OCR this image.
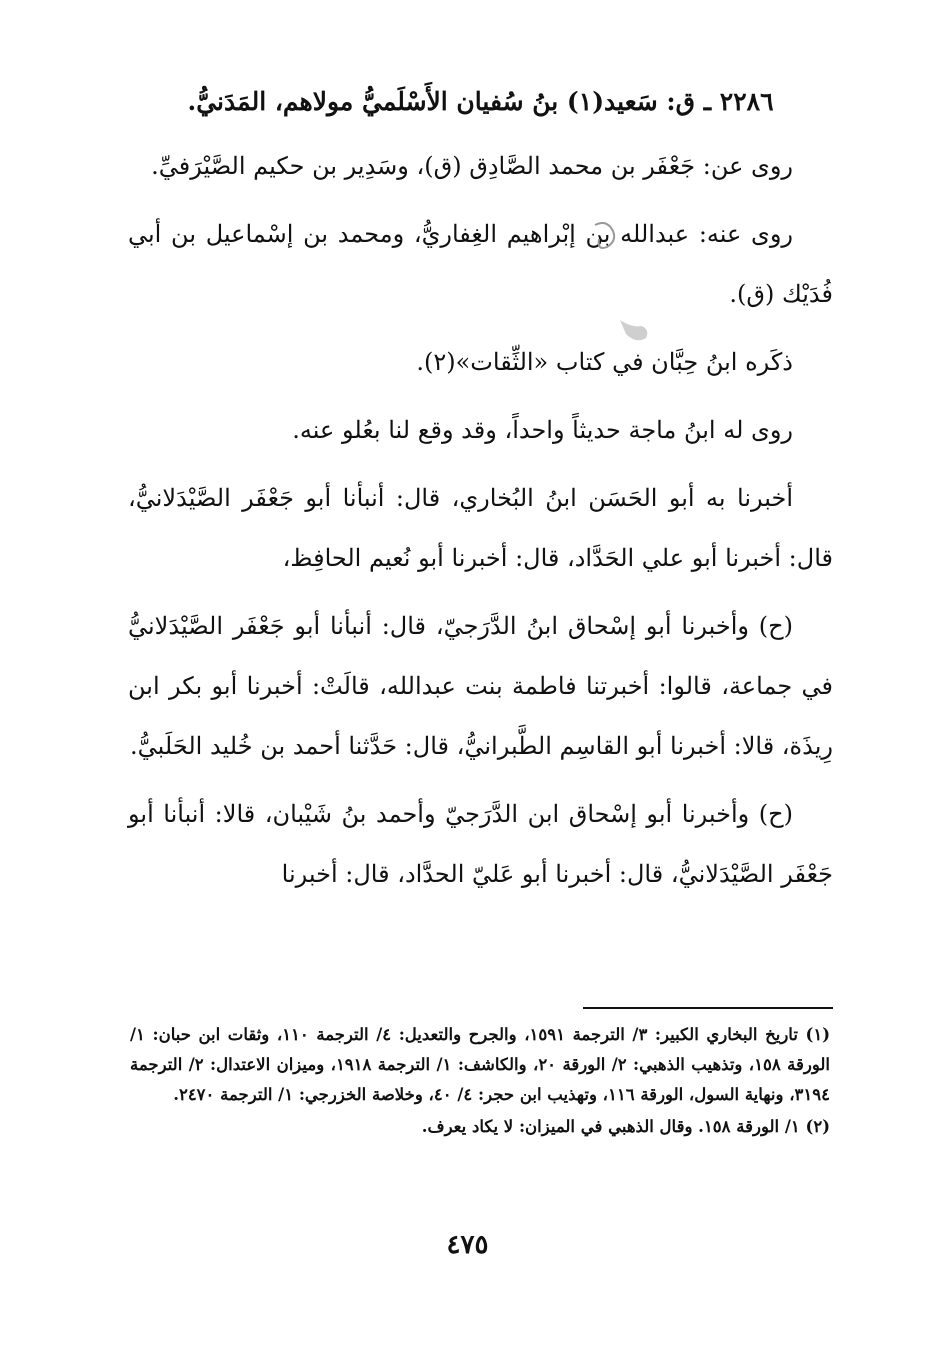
٢٢٨٦ ـ ق: سَعيد(١) بنُ سُفيان الأَسْلَميُّ مولاهم، المَدَنيُّ.

روى عن: جَعْفَر بن محمد الصَّادِق (ق)، وسَدِير بن حكيم الصَّيْرَفيِّ.

روى عنه: عبدالله بن إبْراهيم الغِفاريُّ، ومحمد بن إسْماعيل بن أبي فُدَيْك (ق).

ذكَره ابنُ حِبَّان في كتاب «الثِّقات»(٢).

روى له ابنُ ماجة حديثاً واحداً، وقد وقع لنا بعُلو عنه.

أخبرنا به أبو الحَسَن ابنُ البُخاري، قال: أنبأنا أبو جَعْفَر الصَّيْدَلانيُّ، قال: أخبرنا أبو علي الحَدَّاد، قال: أخبرنا أبو نُعيم الحافِظ،

(ح) وأخبرنا أبو إسْحاق ابنُ الدَّرَجيّ، قال: أنبأنا أبو جَعْفَر الصَّيْدَلانيُّ في جماعة، قالوا: أخبرتنا فاطمة بنت عبدالله، قالَتْ: أخبرنا أبو بكر ابن رِيذَة، قالا: أخبرنا أبو القاسِم الطَّبرانيُّ، قال: حَدَّثنا أحمد بن خُليد الحَلَبيُّ.

(ح) وأخبرنا أبو إسْحاق ابن الدَّرَجيّ وأحمد بنُ شَيْبان، قالا: أنبأنا أبو جَعْفَر الصَّيْدَلانيُّ، قال: أخبرنا أبو عَليّ الحدَّاد، قال: أخبرنا

(١) تاريخ البخاري الكبير: ٣/ الترجمة ١٥٩١، والجرح والتعديل: ٤/ الترجمة ١١٠، وثقات ابن حبان: ١/ الورقة ١٥٨، وتذهيب الذهبي: ٢/ الورقة ٢٠، والكاشف: ١/ الترجمة ١٩١٨، وميزان الاعتدال: ٢/ الترجمة ٣١٩٤، ونهاية السول، الورقة ١١٦، وتهذيب ابن حجر: ٤/ ٤٠، وخلاصة الخزرجي: ١/ الترجمة ٢٤٧٠.

(٢) ١/ الورقة ١٥٨. وقال الذهبي في الميزان: لا يكاد يعرف.

٤٧٥
